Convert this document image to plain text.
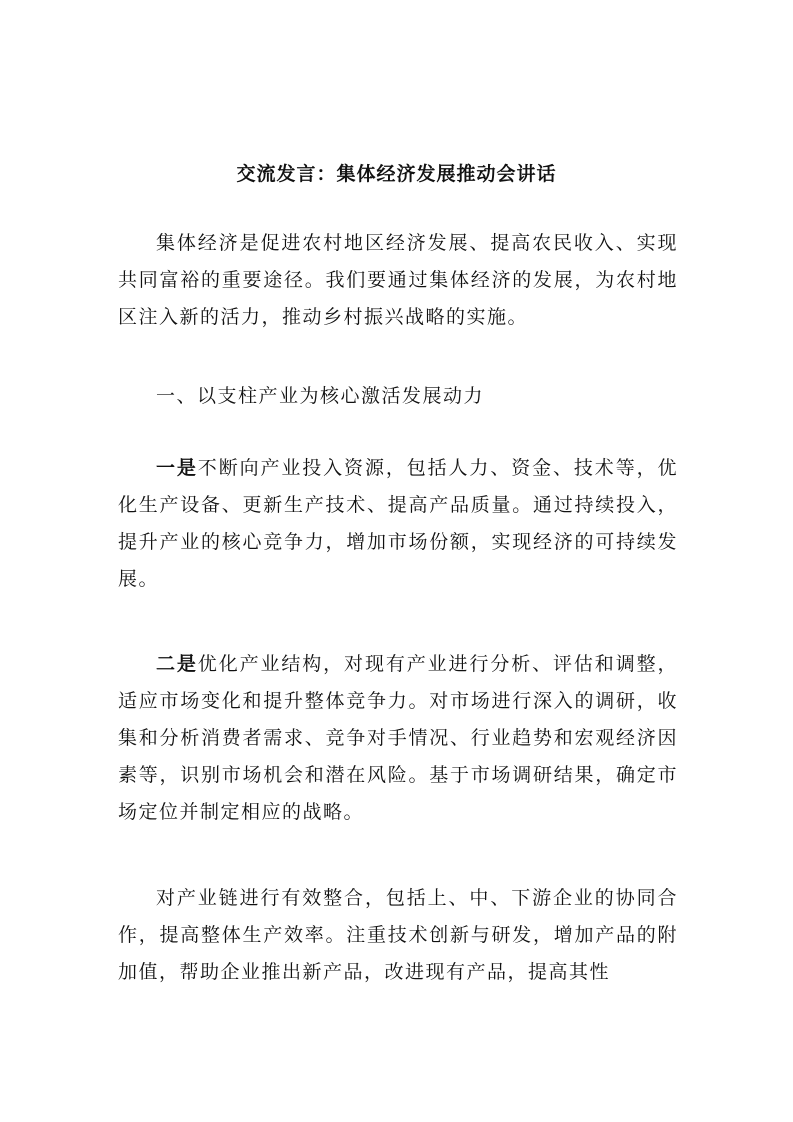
交流发言：集体经济发展推动会讲话

集体经济是促进农村地区经济发展、提高农民收入、实现共同富裕的重要途径。我们要通过集体经济的发展，为农村地区注入新的活力，推动乡村振兴战略的实施。

一、以支柱产业为核心激活发展动力

一是不断向产业投入资源，包括人力、资金、技术等，优化生产设备、更新生产技术、提高产品质量。通过持续投入，提升产业的核心竞争力，增加市场份额，实现经济的可持续发展。

二是优化产业结构，对现有产业进行分析、评估和调整，适应市场变化和提升整体竞争力。对市场进行深入的调研，收集和分析消费者需求、竞争对手情况、行业趋势和宏观经济因素等，识别市场机会和潜在风险。基于市场调研结果，确定市场定位并制定相应的战略。

对产业链进行有效整合，包括上、中、下游企业的协同合作，提高整体生产效率。注重技术创新与研发，增加产品的附加值，帮助企业推出新产品，改进现有产品，提高其性
